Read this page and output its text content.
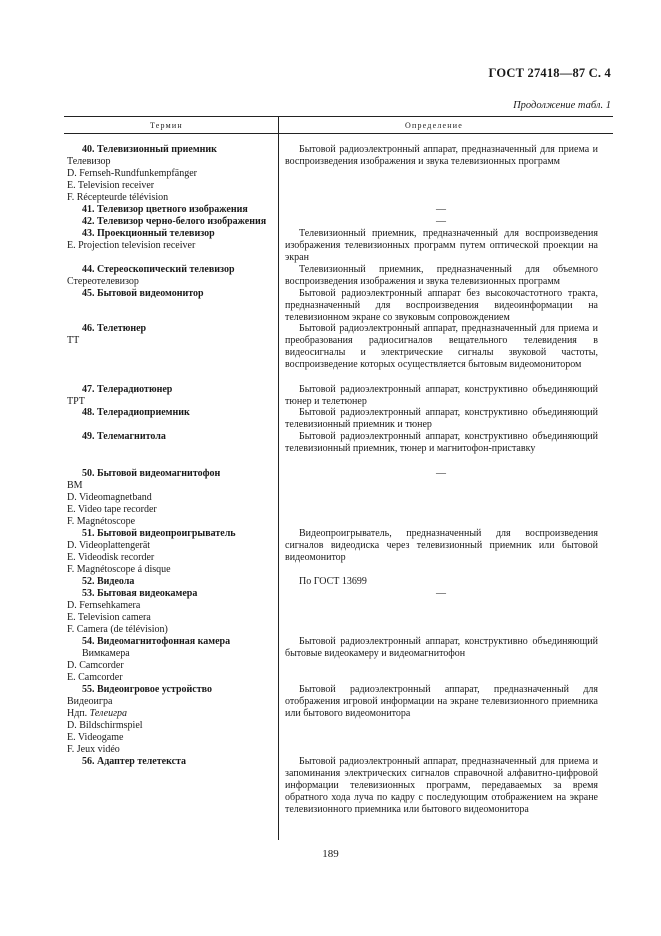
ГОСТ 27418—87 С. 4
Продолжение табл. 1
Термин	Определение
40. Телевизионный приемник
Телевизор
D. Fernseh-Rundfunkempfänger
E. Television receiver
F. Récepteurde télévision
41. Телевизор цветного изображения
42. Телевизор черно-белого изображения
43. Проекционный телевизор
E. Projection television receiver
44. Стереоскопический телевизор
Стереотелевизор
45. Бытовой видеомонитор
46. Телетюнер
ТТ
47. Телерадиотюнер
ТРТ
48. Телерадиоприемник
49. Телемагнитола
50. Бытовой видеомагнитофон
ВМ
D. Videomagnetband
E. Video tape recorder
F. Magnétoscope
51. Бытовой видеопроигрыватель
D. Videoplattengerät
E. Videodisk recorder
F. Magnétoscope á disque
52. Видеола
53. Бытовая видеокамера
D. Fernsehkamera
E. Television camera
F. Camera (de télévision)
54. Видеомагнитофонная камера
Вимкамера
D. Camcorder
E. Camcorder
55. Видеоигровое устройство
Видеоигра
Ндп. Телеигра
D. Bildschirmspiel
E. Videogame
F. Jeux vidéo
56. Адаптер телетекста
Бытовой радиоэлектронный аппарат, предназначенный для приема и воспроизведения изображения и звука телевизионных программ
—
—
Телевизионный приемник, предназначенный для воспроизведения изображения телевизионных программ путем оптической проекции на экран
Телевизионный приемник, предназначенный для объемного воспроизведения изображения и звука телевизионных программ
Бытовой радиоэлектронный аппарат без высокочастотного тракта, предназначенный для воспроизведения видеоинформации на телевизионном экране со звуковым сопровождением
Бытовой радиоэлектронный аппарат, предназначенный для приема и преобразования радиосигналов вещательного телевидения в видеосигналы и электрические сигналы звуковой частоты, воспроизведение которых осуществляется бытовым видеомонитором
Бытовой радиоэлектронный аппарат, конструктивно объединяющий тюнер и телетюнер
Бытовой радиоэлектронный аппарат, конструктивно объединяющий телевизионный приемник и тюнер
Бытовой радиоэлектронный аппарат, конструктивно объединяющий телевизионный приемник, тюнер и магнитофон-приставку
—
Видеопроигрыватель, предназначенный для воспроизведения сигналов видеодиска через телевизионный приемник или бытовой видеомонитор
По ГОСТ 13699
—
Бытовой радиоэлектронный аппарат, конструктивно объединяющий бытовые видеокамеру и видеомагнитофон
Бытовой радиоэлектронный аппарат, предназначенный для отображения игровой информации на экране телевизионного приемника или бытового видеомонитора
Бытовой радиоэлектронный аппарат, предназначенный для приема и запоминания электрических сигналов справочной алфавитно-цифровой информации телевизионных программ, передаваемых за время обратного хода луча по кадру с последующим отображением на экране телевизионного приемника или бытового видеомонитора
189
